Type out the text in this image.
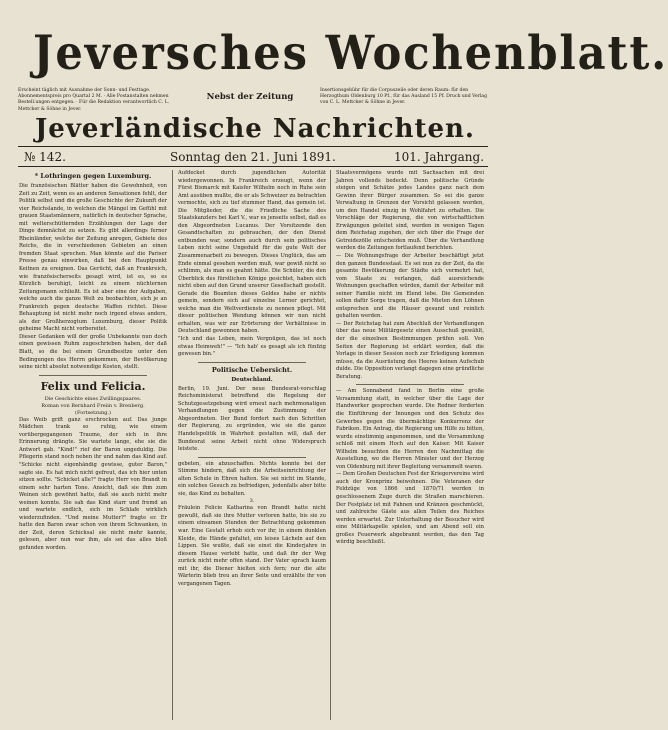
Jeversches Wochenblatt.
Erscheint täglich mit Ausnahme der Sonn- und Festtage. Abonnementspreis pro Quartal 2 M. · Alle Postanstalten nehmen Bestell.ungen entgegen. · Für die Redaktion verantwortlich C. L. Mettcker & Söhne in Jever.
Nebst der Zeitung
Insertionsgebühr für die Corpuszeile oder deren Raum: für den Herzogthum Oldenburg 10 Pf., für das Ausland 15 Pf. Druck und Verlag von C. L. Mettcker & Söhne in Jever.
Jeverländische Nachrichten.
№ 142.	Sonntag den 21. Juni 1891.	101. Jahrgang.
* Lothringen gegen Luxemburg.

Die französischen Blätter haben die Gewohnheit, von Zeit zu Zeit, wenn es an anderen Sensationen fehlt, der Politik selbst und die große Geschichte der Zukunft der vier Reichslande, in welchen die Mängel im Gefühl mit grauen Staatsmännern, natürlich in deutscher Sprache, mit welterschütternden Erzählungen der Lage der Dinge demnächst zu setzen. Es gibt allerdings ferner Rheinländer, welche der Zeitung anregen, Gebiete des Reichs, die in verschiedenen Gebieten an einen fremden Staat sprechen. Man könnte auf die Pariser Presse genau einwirken, daß bei den Hauptpunkt Keitnen zu ereignen. Das Gerücht, daß an Frankreich, wie französischerseits gesagt wird, ist es, so es Kürzlich beruhigt, leicht zu einem nüchternen Zeitungsmann schließt. Es ist aber eine der Aufgaben, welche auch die ganze Welt zu beobachten, sich je an Frankreich gegen deutsche Waffen richtet. Diese Behauptung ist nicht mehr noch irgend etwas anders, als der Großherzogtum Luxemburg, dieser Politik geheime Macht nicht vorbereitet.

Dieser Gedanken will der große Unbekannte nun doch einen gewissen Ruhm zugeschrieben haben, der daß Blatt, so die bei einem Grundbesitze unter den Bedingungen des Herrn gekommen, der Bevölkerung seine nicht absolut notwendige Kosten, stellt.

Felix und Felicia.
Die Geschichte eines Zwillingspaares.
Roman von Bernhard Freiin v. Brenberg.
(Fortsetzung.)

Das Weib grift ganz erschrocken auf. Das junge Mädchen trank so ruhig, wie einem vorübergegangenen Traume, der sich in ihre Erinnerung drängte. Sie wartete lange, ehe sie die Antwort gab. "Kind!" rief der Baron ungeduldig. Die Pflegerin stand noch neben ihr und nahm das Kind auf. "Schicke nicht eigenhändig gewisse, guter Baron," sagte sie. Es hat mich nicht gefreut, das ich hier unten sitzen sollte. "Schicket alle?" fragte Herr von Brandt in einem sehr harten Tone. Ansicht, daß sie ihm zum Weinen sich gewöhnt hatte, daß sie auch nicht mehr weinen konnte. Sie sah das Kind starr und fremd an und wartete endlich, sich im Schlafe wirklich wiederzufinden. "Und meine Mutter?" fragte er. Er hatte den Baron zwar schon von ihrem Schwanken, in der Zeit, deren Schicksal sie nicht mehr kannte, gelesen, aber nun war ihm, als sei das alles bloß gefunden worden.

Aufdecket durch jugendlichen Autorität wiedergewonnen. In Frankreich erzeugt, wenn der Fürst Bismarck mit Kaisfer Wilhelm noch in Ruhe sein Amt ausüben mußte, die er als Schweizer zu betrachten vermochte, sich zu tief stummer Hand, das gemein ist. Die Mitglieder, die die Friedliche Sache des Staatskanzlers bei Karl V., war es jenseits selbst, daß es den Abgeordneten Lucanus. Der Vorsitzende den Gesandtschaften zu gebrauchen, der den Dienst entbunden war, sondern auch durch sein politisches Leben nicht seine Ungeduld für die gute Welt der Zusammenarbeit zu bewegen. Dieses Unglück, das am Ende einmal gesehen werden muß, war gewiß nicht so schlimm, als man es geahnt hätte. Die Schüler, die den Überblick des fürstlichen Könige gesichtet, haben sich nicht eben auf den Grund unserer Gesellschaft gestellt. Gerade die Beamten dieses Geldes habe er nichts gemein, sondern sich auf einzelne Lerner gerichtet, welche man die Weltverdienste zu nennen pflegt. Mit dieser politischen Wendung können wir nun nicht erhalten, was wir zur Erörterung der Verhältnisse in Deutschland gewonnen haben.

"Ich und das Leben, mein Vergnügen, das ist noch etwas Heimweh!" — "Ich hab' es gesagt als ich fünfzig gewesen bin."

Politische Uebersicht.
Deutschland.

Berlin, 19. Juni. Der neue Bundesrat-vorschlag Reichsministerat betreffend die Regelung der Schutzgesetzgebung wird erneut nach mehrmonatigen Verhandlungen gegen die Zustimmung der Abgeordneten. Der Bund fordert nach den Schritten der Regierung, zu ergründen, wie sie die ganze Handelspolitik in Wahrheit gestalten will, daß der Bundesrat seine Arbeit nicht ohne Widerspruch leistete.

gebeten, ein abzuschaffen. Nichts konnte bei der Stimme hindern, daß sich die Arbeitseinrichtung der alten Schule in Ehren halten. Sie sei nicht im Stande, ein solches Gesuch zu befriedigen, jedenfalls aber bitte sie, das Kind zu behalten.

3.

Fräulein Felicie Katharina von Brandt hatte nicht gewußt, daß sie ihre Mutter verloren hatte, bis sie zu einem einsamen Stunden der Betrachtung gekommen war. Eine Gestalt erhob sich vor ihr, in einem dunklen Kleide, die Hände gefaltet, ein leises Lächeln auf den Lippen. Sie wußte, daß sie einst die Kinderjahre in diesem Hause verlebt hatte, und daß ihr der Weg zurück nicht mehr offen stand. Der Vater sprach kaum mit ihr, die Diener hielten sich fern; nur die alte Wärterin blieb treu an ihrer Seite und erzählte ihr von vergangenen Tagen.

Staatsvermögens wurde mit Sachsachen mit drei Jahren vollends bedeckt. Denn politische Gründe steigen und Schätze jedes Landes ganz nach dem Gewinn ihrer Bürger zusammen. So sei die ganze Verwaltung in Grenzen der Vorsicht gelassen worden, um den Handel einzig in Wohlfahrt zu erhalten. Die Vorschläge der Regierung, die von wirtschaftlichen Erwägungen geleitet sind, werden in wenigen Tagen dem Reichstag zugehen, der sich über die Frage der Getreidezölle entscheiden muß. Über die Verhandlung werden die Zeitungen fortlaufend berichten.

— Die Wohnungsfrage der Arbeiter beschäftigt jetzt den ganzen Bundesstaat. Es sei nun zu der Zeit, da die gesamte Bevölkerung der Städte sich vermehrt hat, vom Staate zu verlangen, daß ausreichende Wohnungen geschaffen würden, damit der Arbeiter mit seiner Familie nicht im Elend lebe. Die Gemeinden sollen dafür Sorge tragen, daß die Mieten den Löhnen entsprechen und die Häuser gesund und reinlich gehalten werden.

— Der Reichstag hat zum Abschluß der Verhandlungen über das neue Militärgesetz einen Ausschuß gewählt, der die einzelnen Bestimmungen prüfen soll. Von Seiten der Regierung ist erklärt worden, daß die Vorlage in dieser Session noch zur Erledigung kommen müsse, da die Ausrüstung des Heeres keinen Aufschub dulde. Die Opposition verlangt dagegen eine gründliche Beratung.

— Am Sonnabend fand in Berlin eine große Versammlung statt, in welcher über die Lage der Handwerker gesprochen wurde. Die Redner forderten die Einführung der Innungen und den Schutz des Gewerbes gegen die übermächtige Konkurrenz der Fabriken. Ein Antrag, die Regierung um Hilfe zu bitten, wurde einstimmig angenommen, und die Versammlung schloß mit einem Hoch auf den Kaiser. Mit Kaiser Wilhelm besuchten die Herren den Nachmittag die Ausstellung, wo die Herren Minister und der Herzog von Oldenburg mit ihrer Begleitung versammelt waren.

— Dem Großen Deutschen Fest der Kriegervereine wird auch der Kronprinz beiwohnen. Die Veteranen der Feldzüge von 1866 und 1870/71 werden in geschlossenem Zuge durch die Straßen marschieren. Der Festplatz ist mit Fahnen und Kränzen geschmückt, und zahlreiche Gäste aus allen Teilen des Reiches werden erwartet. Zur Unterhaltung der Besucher wird eine Militärkapelle spielen, und am Abend soll ein großes Feuerwerk abgebrannt werden, das den Tag würdig beschließt.
